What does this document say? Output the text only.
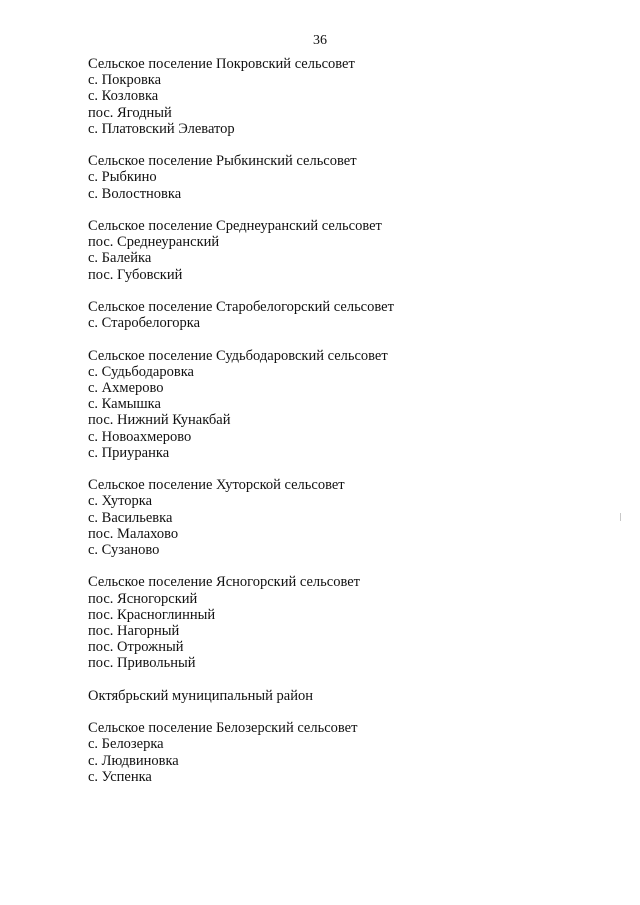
36
Сельское поселение Покровский сельсовет
с. Покровка
с. Козловка
пос. Ягодный
с. Платовский Элеватор
Сельское поселение Рыбкинский сельсовет
с. Рыбкино
с. Волостновка
Сельское поселение Среднеуранский сельсовет
пос. Среднеуранский
с. Балейка
пос. Губовский
Сельское поселение Старобелогорский сельсовет
с. Старобелогорка
Сельское поселение Судьбодаровский сельсовет
с. Судьбодаровка
с. Ахмерово
с. Камышка
пос. Нижний Кунакбай
с. Новоахмерово
с. Приуранка
Сельское поселение Хуторской сельсовет
с. Хуторка
с. Васильевка
пос. Малахово
с. Сузаново
Сельское поселение Ясногорский сельсовет
пос. Ясногорский
пос. Красноглинный
пос. Нагорный
пос. Отрожный
пос. Привольный
Октябрьский муниципальный район
Сельское поселение Белозерский сельсовет
с. Белозерка
с. Людвиновка
с. Успенка
